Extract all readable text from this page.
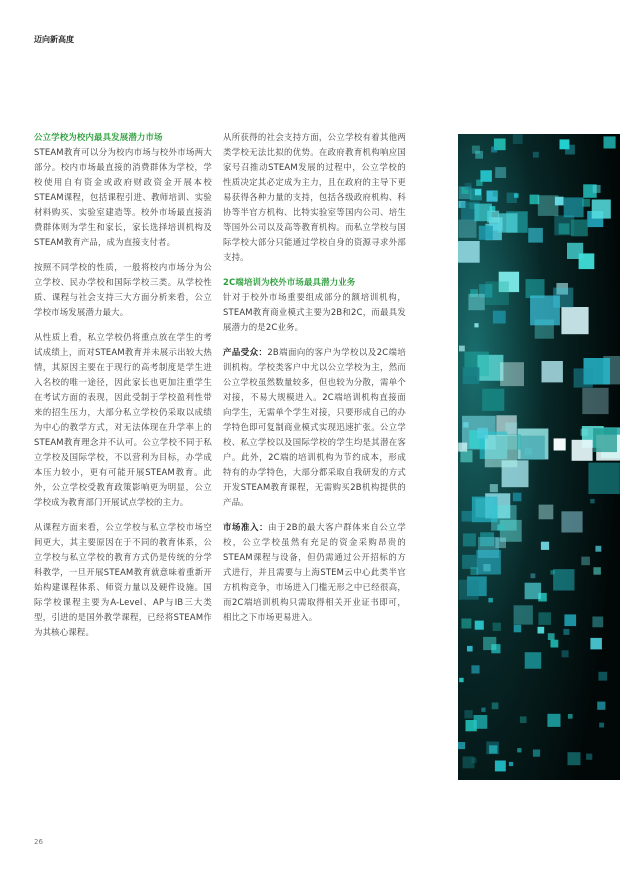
迈向新高度

公立学校为校内最具发展潜力市场

STEAM教育可以分为校内市场与校外市场两大部分。校内市场最直接的消费群体为学校，学校使用自有资金或政府财政资金开展本校STEAM课程，包括课程引进、教师培训、实验材料购买、实验室建造等。校外市场最直接消费群体则为学生和家长，家长选择培训机构及STEAM教育产品，成为直接支付者。

按照不同学校的性质，一般将校内市场分为公立学校、民办学校和国际学校三类。从学校性质、课程与社会支持三大方面分析来看，公立学校市场发展潜力最大。

从性质上看，私立学校仍将重点放在学生的考试成绩上，而对STEAM教育并未展示出较大热情，其原因主要在于现行的高考制度是学生进入名校的唯一途径，因此家长也更加注重学生在考试方面的表现，因此受制于学校盈利性带来的招生压力，大部分私立学校仍采取以成绩为中心的教学方式，对无法体现在升学率上的STEAM教育理念并不认可。公立学校不同于私立学校及国际学校，不以营利为目标，办学成本压力较小，更有可能开展STEAM教育。此外，公立学校受教育政策影响更为明显，公立学校成为教育部门开展试点学校的主力。

从课程方面来看，公立学校与私立学校市场空间更大，其主要原因在于不同的教育体系，公立学校与私立学校的教育方式仍是传统的分学科教学，一旦开展STEAM教育就意味着重新开始构建课程体系、师资力量以及硬件设施。国际学校课程主要为A-Level、AP与IB三大类型，引进的是国外教学课程，已经将STEAM作为其核心课程。

从所获得的社会支持方面，公立学校有着其他两类学校无法比拟的优势。在政府教育机构响应国家号召推动STEAM发展的过程中，公立学校的性质决定其必定成为主力，且在政府的主导下更易获得各种力量的支持，包括各级政府机构、科协等半官方机构、比特实验室等国内公司、培生等国外公司以及高等教育机构。而私立学校与国际学校大部分只能通过学校自身的资源寻求外部支持。

2C端培训为校外市场最具潜力业务

针对于校外市场重要组成部分的额培训机构，STEAM教育商业模式主要为2B和2C，而最具发展潜力的是2C业务。

产品受众：2B端面向的客户为学校以及2C端培训机构。学校类客户中尤以公立学校为主，然而公立学校虽然数量较多，但也较为分散，需单个对接，不易大规模进入。2C端培训机构直接面向学生，无需单个学生对接，只要形成自己的办学特色即可复制商业模式实现迅速扩张。公立学校、私立学校以及国际学校的学生均是其潜在客户。此外，2C端的培训机构为节约成本，形成特有的办学特色，大部分都采取自我研发的方式开发STEAM教育课程，无需购买2B机构提供的产品。

市场准入：由于2B的最大客户群体来自公立学校，公立学校虽然有充足的资金采购昂贵的STEAM课程与设备，但仍需通过公开招标的方式进行，并且需要与上海STEM云中心此类半官方机构竞争，市场进入门槛无形之中已经很高，而2C端培训机构只需取得相关开业证书即可，相比之下市场更易进入。

26
